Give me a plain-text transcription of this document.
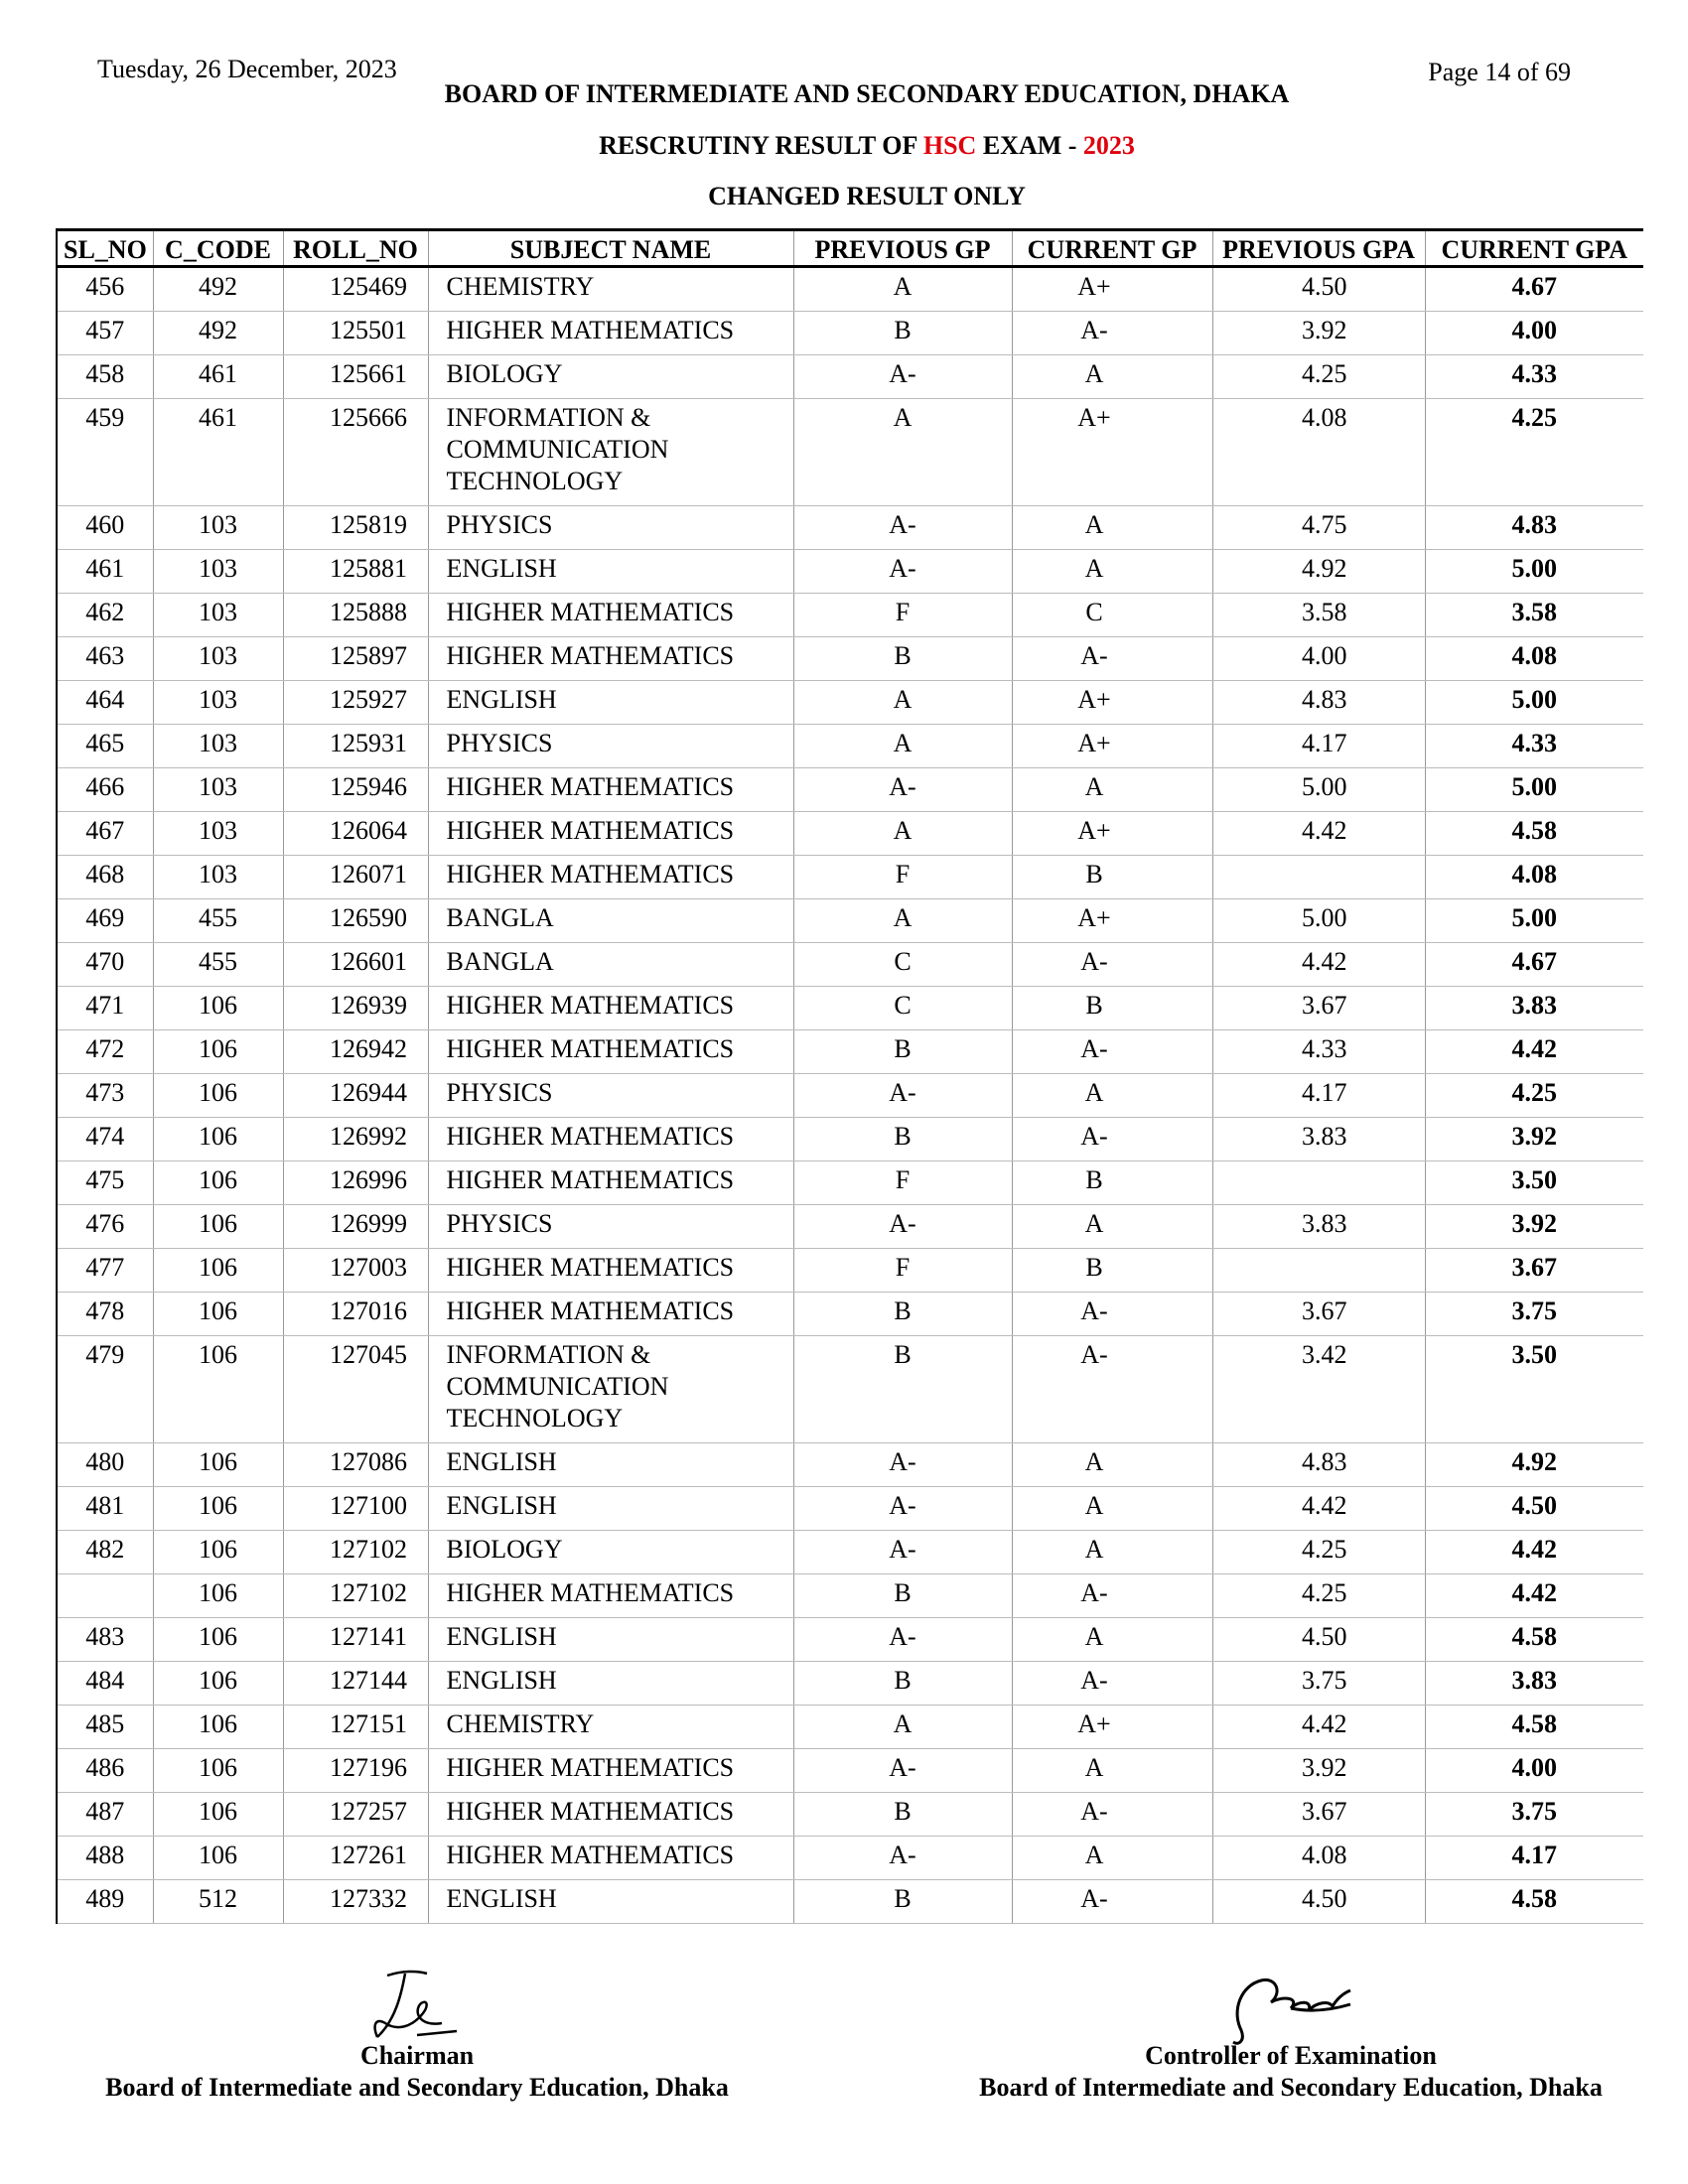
Tuesday, 26 December, 2023	Page 14 of 69
BOARD OF INTERMEDIATE AND SECONDARY EDUCATION, DHAKA
RESCRUTINY RESULT OF HSC EXAM - 2023
CHANGED RESULT ONLY
SL_NO	C_CODE	ROLL_NO	SUBJECT NAME	PREVIOUS GP	CURRENT GP	PREVIOUS GPA	CURRENT GPA
456	492	125469	CHEMISTRY	A	A+	4.50	4.67
457	492	125501	HIGHER MATHEMATICS	B	A-	3.92	4.00
458	461	125661	BIOLOGY	A-	A	4.25	4.33
459	461	125666	INFORMATION & COMMUNICATION TECHNOLOGY	A	A+	4.08	4.25
460	103	125819	PHYSICS	A-	A	4.75	4.83
461	103	125881	ENGLISH	A-	A	4.92	5.00
462	103	125888	HIGHER MATHEMATICS	F	C	3.58	3.58
463	103	125897	HIGHER MATHEMATICS	B	A-	4.00	4.08
464	103	125927	ENGLISH	A	A+	4.83	5.00
465	103	125931	PHYSICS	A	A+	4.17	4.33
466	103	125946	HIGHER MATHEMATICS	A-	A	5.00	5.00
467	103	126064	HIGHER MATHEMATICS	A	A+	4.42	4.58
468	103	126071	HIGHER MATHEMATICS	F	B		4.08
469	455	126590	BANGLA	A	A+	5.00	5.00
470	455	126601	BANGLA	C	A-	4.42	4.67
471	106	126939	HIGHER MATHEMATICS	C	B	3.67	3.83
472	106	126942	HIGHER MATHEMATICS	B	A-	4.33	4.42
473	106	126944	PHYSICS	A-	A	4.17	4.25
474	106	126992	HIGHER MATHEMATICS	B	A-	3.83	3.92
475	106	126996	HIGHER MATHEMATICS	F	B		3.50
476	106	126999	PHYSICS	A-	A	3.83	3.92
477	106	127003	HIGHER MATHEMATICS	F	B		3.67
478	106	127016	HIGHER MATHEMATICS	B	A-	3.67	3.75
479	106	127045	INFORMATION & COMMUNICATION TECHNOLOGY	B	A-	3.42	3.50
480	106	127086	ENGLISH	A-	A	4.83	4.92
481	106	127100	ENGLISH	A-	A	4.42	4.50
482	106	127102	BIOLOGY	A-	A	4.25	4.42
	106	127102	HIGHER MATHEMATICS	B	A-	4.25	4.42
483	106	127141	ENGLISH	A-	A	4.50	4.58
484	106	127144	ENGLISH	B	A-	3.75	3.83
485	106	127151	CHEMISTRY	A	A+	4.42	4.58
486	106	127196	HIGHER MATHEMATICS	A-	A	3.92	4.00
487	106	127257	HIGHER MATHEMATICS	B	A-	3.67	3.75
488	106	127261	HIGHER MATHEMATICS	A-	A	4.08	4.17
489	512	127332	ENGLISH	B	A-	4.50	4.58
Chairman
Board of Intermediate and Secondary Education, Dhaka
Controller of Examination
Board of Intermediate and Secondary Education, Dhaka
